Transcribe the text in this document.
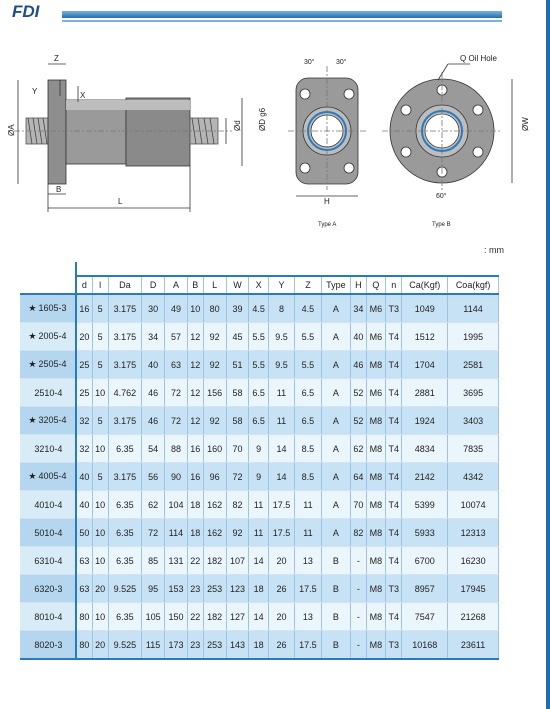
FDI
Z
Y	X
ØA
B
L
Ød ØD g6
30°	30°
H
Type A
Q Oil Hole
ØW
60°
Type B
: mm

	d	l	Da	D	A	B	L	W	X	Y	Z	Type	H	Q	n	Ca(Kgf)	Coa(kgf)
★ 1605-3	16	5	3.175	30	49	10	80	39	4.5	8	4.5	A	34	M6	T3	1049	1144
★ 2005-4	20	5	3.175	34	57	12	92	45	5.5	9.5	5.5	A	40	M6	T4	1512	1995
★ 2505-4	25	5	3.175	40	63	12	92	51	5.5	9.5	5.5	A	46	M8	T4	1704	2581
2510-4	25	10	4.762	46	72	12	156	58	6.5	11	6.5	A	52	M6	T4	2881	3695
★ 3205-4	32	5	3.175	46	72	12	92	58	6.5	11	6.5	A	52	M8	T4	1924	3403
3210-4	32	10	6.35	54	88	16	160	70	9	14	8.5	A	62	M8	T4	4834	7835
★ 4005-4	40	5	3.175	56	90	16	96	72	9	14	8.5	A	64	M8	T4	2142	4342
4010-4	40	10	6.35	62	104	18	162	82	11	17.5	11	A	70	M8	T4	5399	10074
5010-4	50	10	6.35	72	114	18	162	92	11	17.5	11	A	82	M8	T4	5933	12313
6310-4	63	10	6.35	85	131	22	182	107	14	20	13	B	-	M8	T4	6700	16230
6320-3	63	20	9.525	95	153	23	253	123	18	26	17.5	B	-	M8	T3	8957	17945
8010-4	80	10	6.35	105	150	22	182	127	14	20	13	B	-	M8	T4	7547	21268
8020-3	80	20	9.525	115	173	23	253	143	18	26	17.5	B	-	M8	T3	10168	23611
